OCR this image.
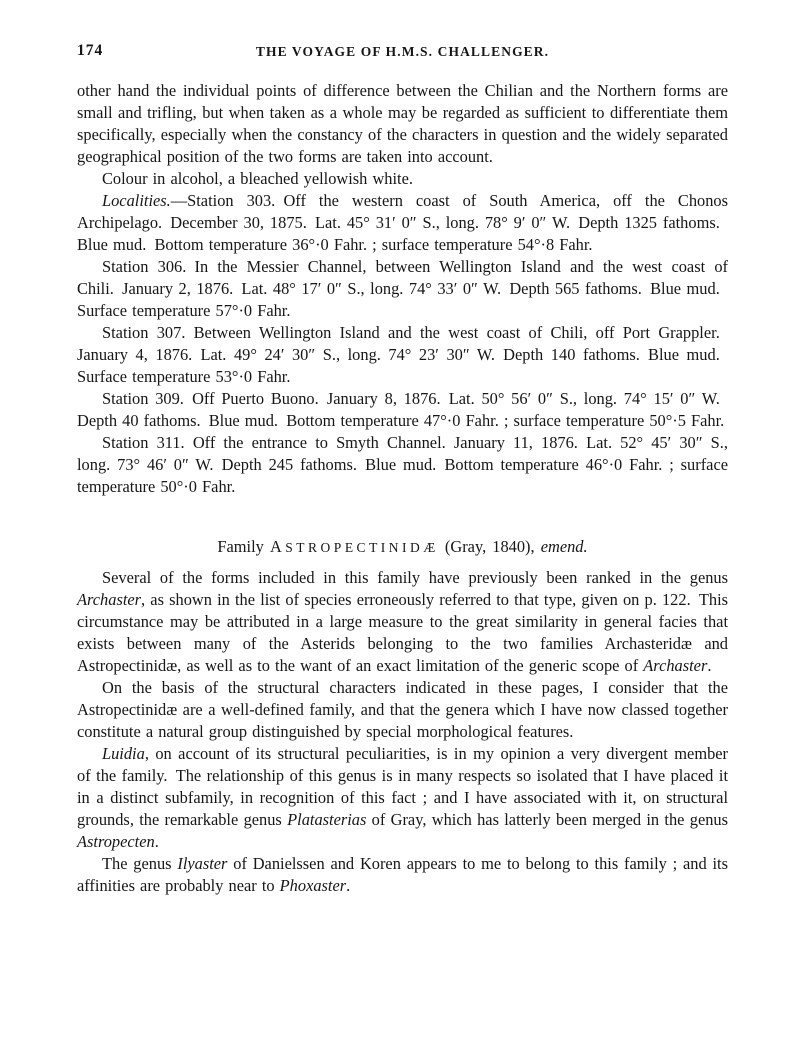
174	THE VOYAGE OF H.M.S. CHALLENGER.

other hand the individual points of difference between the Chilian and the Northern forms are small and trifling, but when taken as a whole may be regarded as sufficient to differentiate them specifically, especially when the constancy of the characters in question and the widely separated geographical position of the two forms are taken into account.

Colour in alcohol, a bleached yellowish white.

Localities.—Station 303. Off the western coast of South America, off the Chonos Archipelago. December 30, 1875. Lat. 45° 31′ 0″ S., long. 78° 9′ 0″ W. Depth 1325 fathoms. Blue mud. Bottom temperature 36°·0 Fahr. ; surface temperature 54°·8 Fahr.

Station 306. In the Messier Channel, between Wellington Island and the west coast of Chili. January 2, 1876. Lat. 48° 17′ 0″ S., long. 74° 33′ 0″ W. Depth 565 fathoms. Blue mud. Surface temperature 57°·0 Fahr.

Station 307. Between Wellington Island and the west coast of Chili, off Port Grappler. January 4, 1876. Lat. 49° 24′ 30″ S., long. 74° 23′ 30″ W. Depth 140 fathoms. Blue mud. Surface temperature 53°·0 Fahr.

Station 309. Off Puerto Buono. January 8, 1876. Lat. 50° 56′ 0″ S., long. 74° 15′ 0″ W. Depth 40 fathoms. Blue mud. Bottom temperature 47°·0 Fahr. ; surface temperature 50°·5 Fahr.

Station 311. Off the entrance to Smyth Channel. January 11, 1876. Lat. 52° 45′ 30″ S., long. 73° 46′ 0″ W. Depth 245 fathoms. Blue mud. Bottom temperature 46°·0 Fahr. ; surface temperature 50°·0 Fahr.

Family ASTROPECTINIDÆ (Gray, 1840), emend.

Several of the forms included in this family have previously been ranked in the genus Archaster, as shown in the list of species erroneously referred to that type, given on p. 122. This circumstance may be attributed in a large measure to the great similarity in general facies that exists between many of the Asterids belonging to the two families Archasteridæ and Astropectinidæ, as well as to the want of an exact limitation of the generic scope of Archaster.

On the basis of the structural characters indicated in these pages, I consider that the Astropectinidæ are a well-defined family, and that the genera which I have now classed together constitute a natural group distinguished by special morphological features.

Luidia, on account of its structural peculiarities, is in my opinion a very divergent member of the family. The relationship of this genus is in many respects so isolated that I have placed it in a distinct subfamily, in recognition of this fact ; and I have associated with it, on structural grounds, the remarkable genus Platasterias of Gray, which has latterly been merged in the genus Astropecten.

The genus Ilyaster of Danielssen and Koren appears to me to belong to this family ; and its affinities are probably near to Phoxaster.
